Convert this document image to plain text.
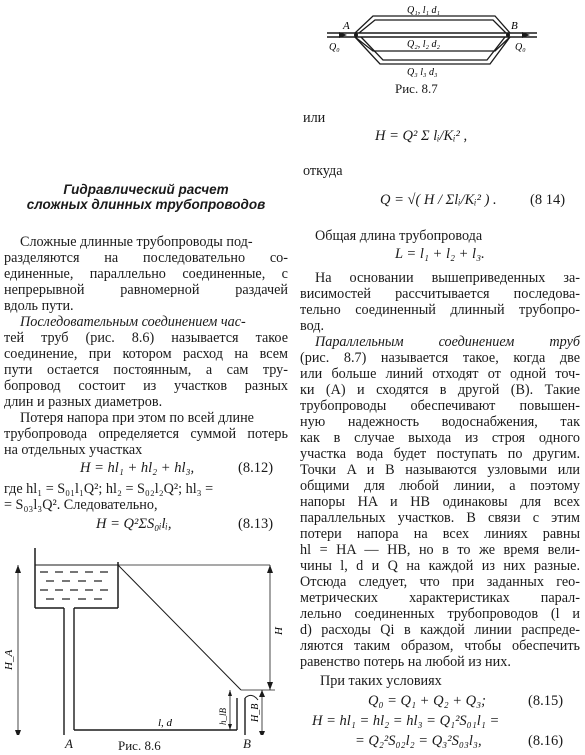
A	B
Q₀	Q₀
Q₁, l₁ d₁
Q₂, l₂ d₂
Q₃ l₃ d₃
Рис. 8.7
Гидравлический расчет
сложных длинных трубопроводов
Сложные длинные трубопроводы под-
разделяются на последовательно со-
единенные, параллельно соединенные, с
непрерывной равномерной раздачей
вдоль пути.
Последовательным соединением час-
тей труб (рис. 8.6) называется такое
соединение, при котором расход на всем
пути остается постоянным, а сам тру-
бопровод состоит из участков разных
длин и разных диаметров.
Потеря напора при этом по всей длине
трубопровода определяется суммой потерь
на отдельных участках
H = hl₁ + hl₂ + hl₃,	(8.12)
где hl₁ = S₀₁l₁Q²; hl₂ = S₀₂l₂Q²; hl₃ =
= S₀₃l₃Q². Следовательно,
H = Q²ΣS₀ᵢlᵢ,	(8.13)
H_A
H
H_B
h_lB
l, d
A	B
Рис. 8.6
или
H = Q² Σ lᵢ/Kᵢ² ,
откуда
Q = √( H / Σlᵢ/Kᵢ² ) . (8 14)
Общая длина трубопровода
L = l₁ + l₂ + l₃.
На основании вышеприведенных за-
висимостей рассчитывается последова-
тельно соединенный длинный трубопро-
вод.
Параллельным соединением труб
(рис. 8.7) называется такое, когда две
или больше линий отходят от одной точ-
ки (A) и сходятся в другой (B). Такие
трубопроводы обеспечивают повышен-
ную надежность водоснабжения, так
как в случае выхода из строя одного
участка вода будет поступать по другим.
Точки A и B называются узловыми или
общими для любой линии, а поэтому
напоры HA и HB одинаковы для всех
параллельных участков. В связи с этим
потери напора на всех линиях равны
hl = HA — HB, но в то же время вели-
чины l, d и Q на каждой из них разные.
Отсюда следует, что при заданных гео-
метрических характеристиках парал-
лельно соединенных трубопроводов (l и
d) расходы Qi в каждой линии распреде-
ляются таким образом, чтобы обеспечить
равенство потерь на любой из них.
При таких условиях
Q₀ = Q₁ + Q₂ + Q₃;	(8.15)
H = hl₁ = hl₂ = hl₃ = Q₁²S₀₁l₁ =
= Q₂²S₀₂l₂ = Q₃²S₀₃l₃,	(8.16)
